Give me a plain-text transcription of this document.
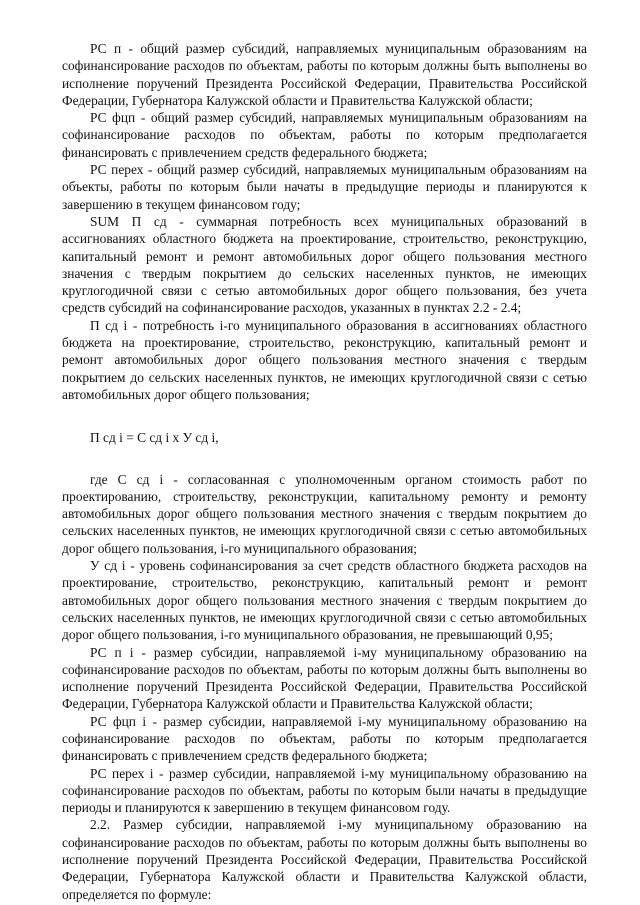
РС п - общий размер субсидий, направляемых муниципальным образованиям на софинансирование расходов по объектам, работы по которым должны быть выполнены во исполнение поручений Президента Российской Федерации, Правительства Российской Федерации, Губернатора Калужской области и Правительства Калужской области;

РС фцп - общий размер субсидий, направляемых муниципальным образованиям на софинансирование расходов по объектам, работы по которым предполагается финансировать с привлечением средств федерального бюджета;

РС перех - общий размер субсидий, направляемых муниципальным образованиям на объекты, работы по которым были начаты в предыдущие периоды и планируются к завершению в текущем финансовом году;

SUM П сд - суммарная потребность всех муниципальных образований в ассигнованиях областного бюджета на проектирование, строительство, реконструкцию, капитальный ремонт и ремонт автомобильных дорог общего пользования местного значения с твердым покрытием до сельских населенных пунктов, не имеющих круглогодичной связи с сетью автомобильных дорог общего пользования, без учета средств субсидий на софинансирование расходов, указанных в пунктах 2.2 - 2.4;

П сд i - потребность i-го муниципального образования в ассигнованиях областного бюджета на проектирование, строительство, реконструкцию, капитальный ремонт и ремонт автомобильных дорог общего пользования местного значения с твердым покрытием до сельских населенных пунктов, не имеющих круглогодичной связи с сетью автомобильных дорог общего пользования;

П сд i = С сд i х У сд i,

где С сд i - согласованная с уполномоченным органом стоимость работ по проектированию, строительству, реконструкции, капитальному ремонту и ремонту автомобильных дорог общего пользования местного значения с твердым покрытием до сельских населенных пунктов, не имеющих круглогодичной связи с сетью автомобильных дорог общего пользования, i-го муниципального образования;

У сд i - уровень софинансирования за счет средств областного бюджета расходов на проектирование, строительство, реконструкцию, капитальный ремонт и ремонт автомобильных дорог общего пользования местного значения с твердым покрытием до сельских населенных пунктов, не имеющих круглогодичной связи с сетью автомобильных дорог общего пользования, i-го муниципального образования, не превышающий 0,95;

РС п i - размер субсидии, направляемой i-му муниципальному образованию на софинансирование расходов по объектам, работы по которым должны быть выполнены во исполнение поручений Президента Российской Федерации, Правительства Российской Федерации, Губернатора Калужской области и Правительства Калужской области;

РС фцп i - размер субсидии, направляемой i-му муниципальному образованию на софинансирование расходов по объектам, работы по которым предполагается финансировать с привлечением средств федерального бюджета;

РС перех i - размер субсидии, направляемой i-му муниципальному образованию на софинансирование расходов по объектам, работы по которым были начаты в предыдущие периоды и планируются к завершению в текущем финансовом году.

2.2. Размер субсидии, направляемой i-му муниципальному образованию на софинансирование расходов по объектам, работы по которым должны быть выполнены во исполнение поручений Президента Российской Федерации, Правительства Российской Федерации, Губернатора Калужской области и Правительства Калужской области, определяется по формуле:
